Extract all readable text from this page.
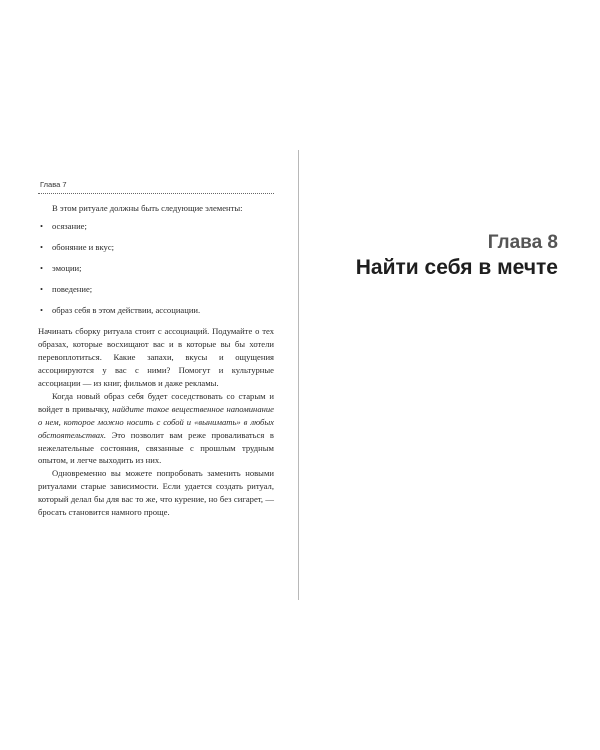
Глава 7

В этом ритуале должны быть следующие элементы:

• осязание;
• обоняние и вкус;
• эмоции;
• поведение;
• образ себя в этом действии, ассоциации.

Начинать сборку ритуала стоит с ассоциаций. Подумайте о тех образах, которые восхищают вас и в которые вы бы хотели перевоплотиться. Какие запахи, вкусы и ощущения ассоциируются у вас с ними? Помогут и культурные ассоциации — из книг, фильмов и даже рекламы.

Когда новый образ себя будет соседствовать со старым и войдет в привычку, найдите такое вещественное напоминание о нем, которое можно носить с собой и «вынимать» в любых обстоятельствах. Это позволит вам реже проваливаться в нежелательные состояния, связанные с прошлым трудным опытом, и легче выходить из них.

Одновременно вы можете попробовать заменить новыми ритуалами старые зависимости. Если удается создать ритуал, который делал бы для вас то же, что курение, но без сигарет, — бросать становится намного проще.

Глава 8
Найти себя в мечте
